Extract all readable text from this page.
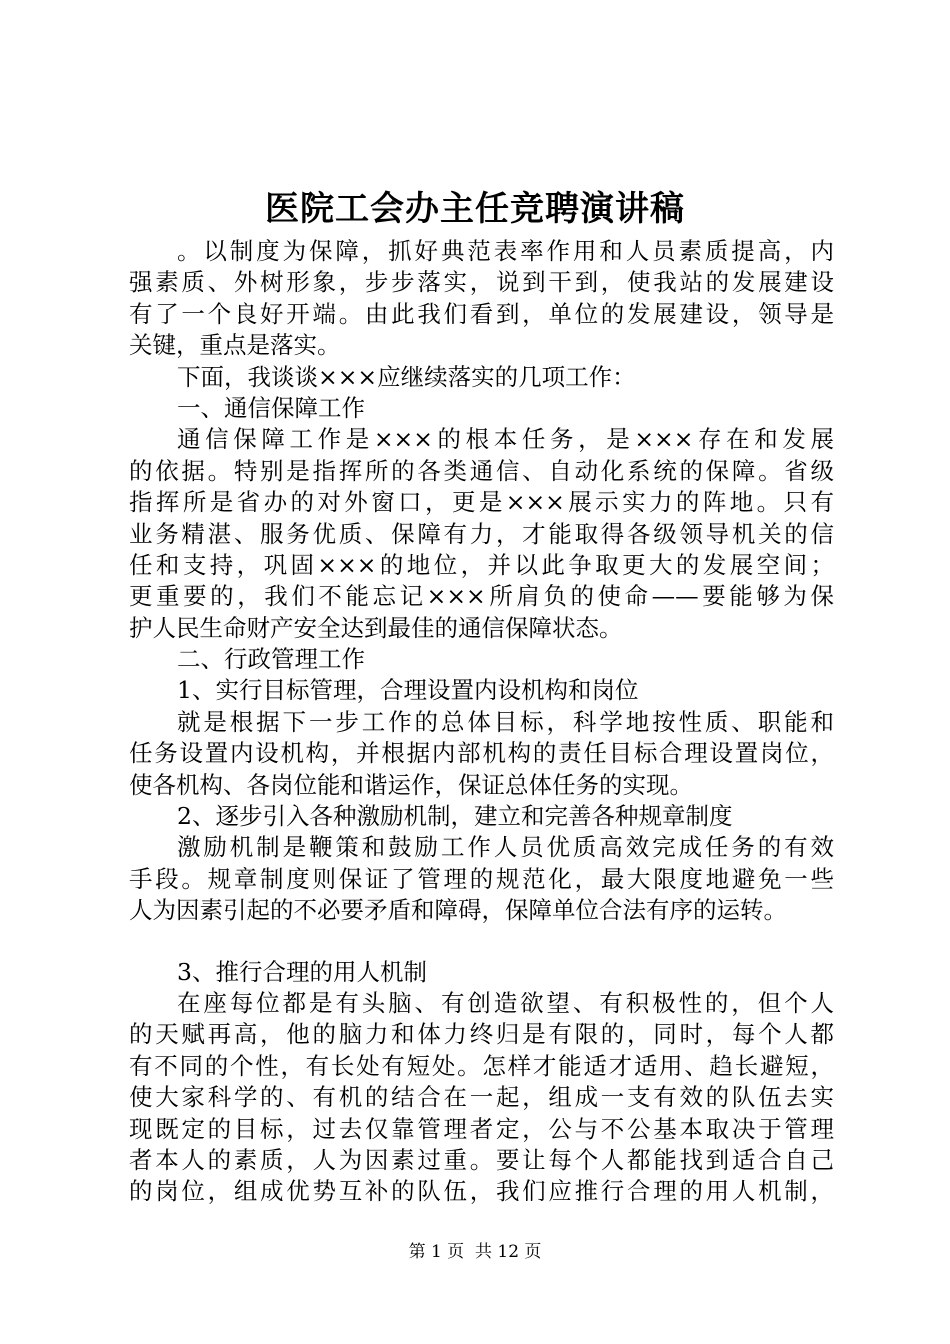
医院工会办主任竞聘演讲稿
。以制度为保障，抓好典范表率作用和人员素质提高，内
强素质、外树形象，步步落实，说到干到，使我站的发展建设
有了一个良好开端。由此我们看到，单位的发展建设，领导是
关键，重点是落实。
下面，我谈谈×××应继续落实的几项工作：
一、通信保障工作
通信保障工作是×××的根本任务，是×××存在和发展
的依据。特别是指挥所的各类通信、自动化系统的保障。省级
指挥所是省办的对外窗口，更是×××展示实力的阵地。只有
业务精湛、服务优质、保障有力，才能取得各级领导机关的信
任和支持，巩固×××的地位，并以此争取更大的发展空间；
更重要的，我们不能忘记×××所肩负的使命——要能够为保
护人民生命财产安全达到最佳的通信保障状态。
二、行政管理工作
1、实行目标管理，合理设置内设机构和岗位
就是根据下一步工作的总体目标，科学地按性质、职能和
任务设置内设机构，并根据内部机构的责任目标合理设置岗位，
使各机构、各岗位能和谐运作，保证总体任务的实现。
2、逐步引入各种激励机制，建立和完善各种规章制度
激励机制是鞭策和鼓励工作人员优质高效完成任务的有效
手段。规章制度则保证了管理的规范化，最大限度地避免一些
人为因素引起的不必要矛盾和障碍，保障单位合法有序的运转。
3、推行合理的用人机制
在座每位都是有头脑、有创造欲望、有积极性的，但个人
的天赋再高，他的脑力和体力终归是有限的，同时，每个人都
有不同的个性，有长处有短处。怎样才能适才适用、趋长避短，
使大家科学的、有机的结合在一起，组成一支有效的队伍去实
现既定的目标，过去仅靠管理者定，公与不公基本取决于管理
者本人的素质，人为因素过重。要让每个人都能找到适合自己
的岗位，组成优势互补的队伍，我们应推行合理的用人机制，
第 1 页  共 12 页
